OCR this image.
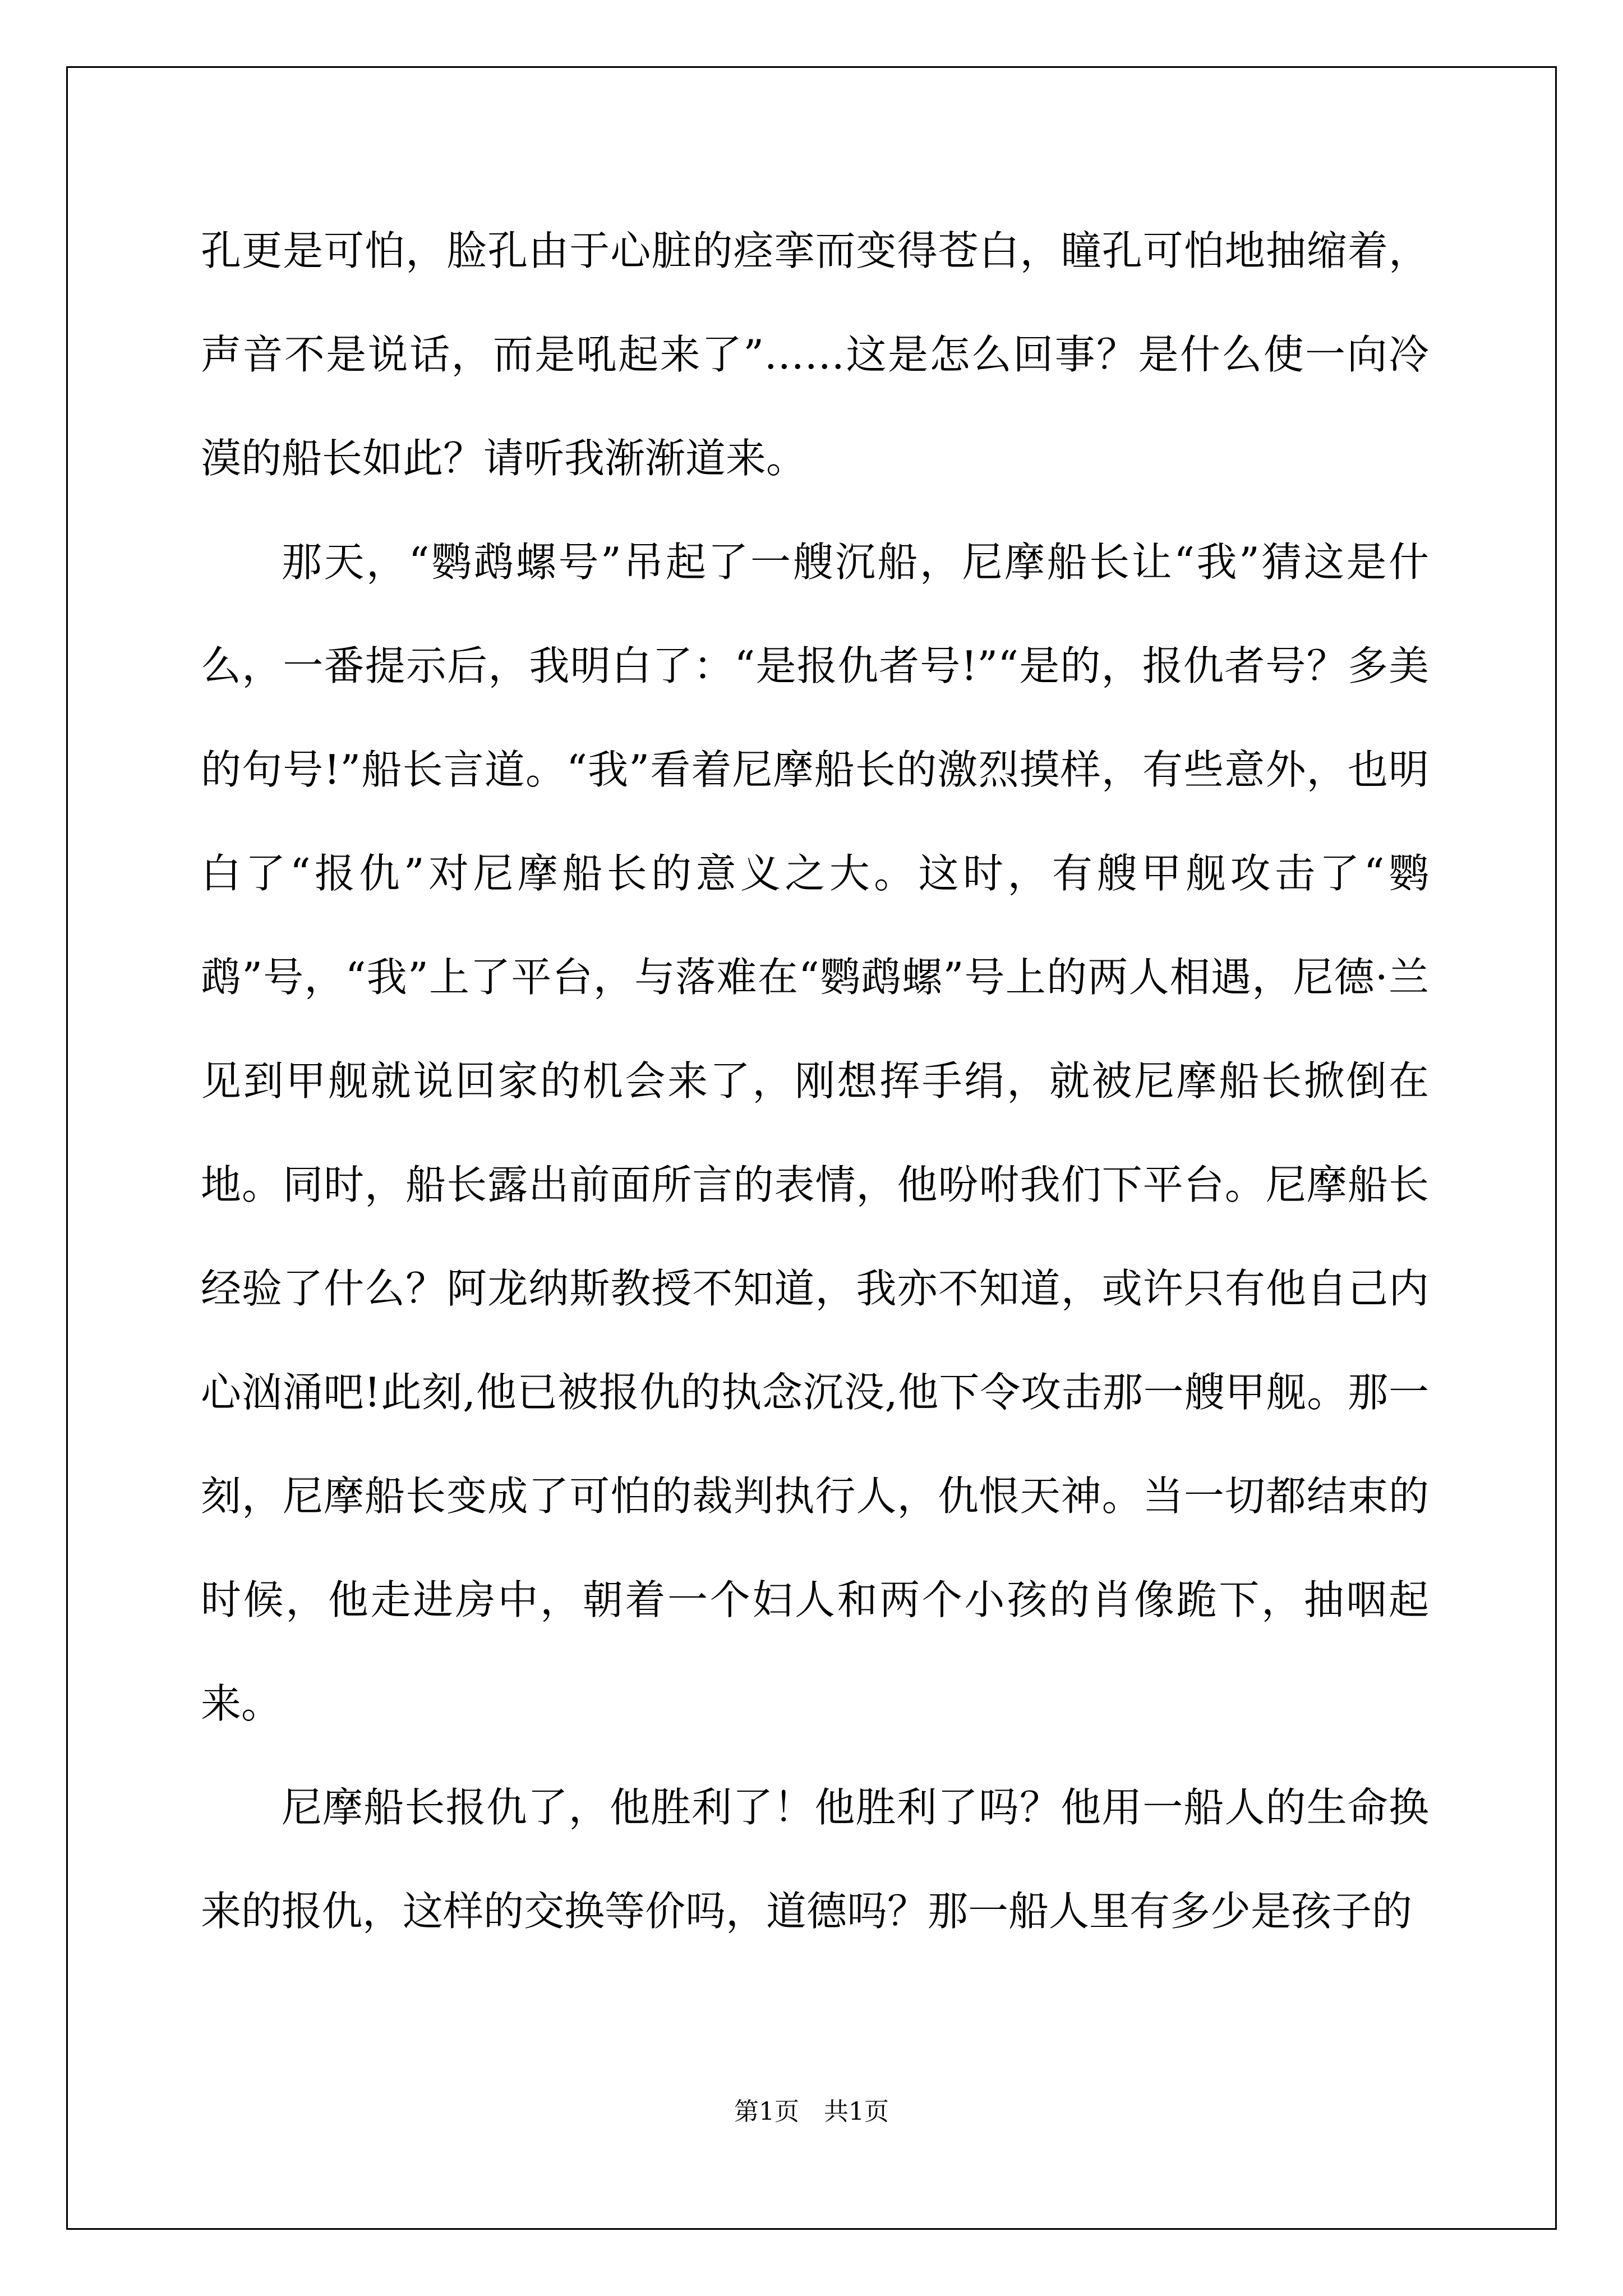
孔更是可怕，脸孔由于心脏的痉挛而变得苍白，瞳孔可怕地抽缩着，声音不是说话，而是吼起来了”……这是怎么回事？是什么使一向冷漠的船长如此？请听我渐渐道来。

那天，“鹦鹉螺号”吊起了一艘沉船，尼摩船长让“我”猜这是什么，一番提示后，我明白了：“是报仇者号!”“是的，报仇者号？多美的句号!”船长言道。“我”看着尼摩船长的激烈摸样，有些意外，也明白了“报仇”对尼摩船长的意义之大。这时，有艘甲舰攻击了“鹦鹉”号，“我”上了平台，与落难在“鹦鹉螺”号上的两人相遇，尼德·兰见到甲舰就说回家的机会来了，刚想挥手绢，就被尼摩船长掀倒在地。同时，船长露出前面所言的表情，他吩咐我们下平台。尼摩船长经验了什么？阿龙纳斯教授不知道，我亦不知道，或许只有他自己内心汹涌吧!此刻,他已被报仇的执念沉没,他下令攻击那一艘甲舰。那一刻，尼摩船长变成了可怕的裁判执行人，仇恨天神。当一切都结束的时候，他走进房中，朝着一个妇人和两个小孩的肖像跪下，抽咽起来。

尼摩船长报仇了，他胜利了！他胜利了吗？他用一船人的生命换来的报仇，这样的交换等价吗，道德吗？那一船人里有多少是孩子的

第1页　共1页
